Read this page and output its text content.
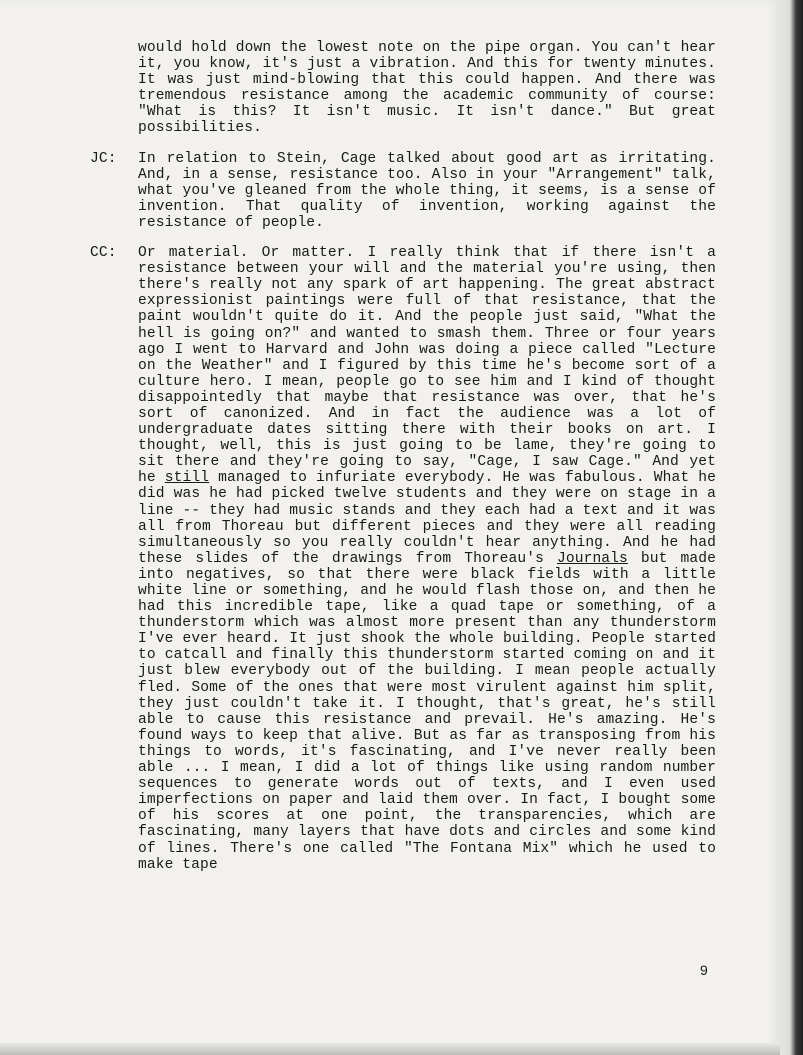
would hold down the lowest note on the pipe organ. You can't hear it, you know, it's just a vibration. And this for twenty minutes. It was just mind-blowing that this could happen. And there was tremendous resistance among the academic community of course: "What is this? It isn't music. It isn't dance." But great possibilities.
JC: In relation to Stein, Cage talked about good art as irritating. And, in a sense, resistance too. Also in your "Arrangement" talk, what you've gleaned from the whole thing, it seems, is a sense of invention. That quality of invention, working against the resistance of people.
CC: Or material. Or matter. I really think that if there isn't a resistance between your will and the material you're using, then there's really not any spark of art happening. The great abstract expressionist paintings were full of that resistance, that the paint wouldn't quite do it. And the people just said, "What the hell is going on?" and wanted to smash them. Three or four years ago I went to Harvard and John was doing a piece called "Lecture on the Weather" and I figured by this time he's become sort of a culture hero. I mean, people go to see him and I kind of thought disappointedly that maybe that resistance was over, that he's sort of canonized. And in fact the audience was a lot of undergraduate dates sitting there with their books on art. I thought, well, this is just going to be lame, they're going to sit there and they're going to say, "Cage, I saw Cage." And yet he still managed to infuriate everybody. He was fabulous. What he did was he had picked twelve students and they were on stage in a line -- they had music stands and they each had a text and it was all from Thoreau but different pieces and they were all reading simultaneously so you really couldn't hear anything. And he had these slides of the drawings from Thoreau's Journals but made into negatives, so that there were black fields with a little white line or something, and he would flash those on, and then he had this incredible tape, like a quad tape or something, of a thunderstorm which was almost more present than any thunderstorm I've ever heard. It just shook the whole building. People started to catcall and finally this thunderstorm started coming on and it just blew everybody out of the building. I mean people actually fled. Some of the ones that were most virulent against him split, they just couldn't take it. I thought, that's great, he's still able to cause this resistance and prevail. He's amazing. He's found ways to keep that alive. But as far as transposing from his things to words, it's fascinating, and I've never really been able ... I mean, I did a lot of things like using random number sequences to generate words out of texts, and I even used imperfections on paper and laid them over. In fact, I bought some of his scores at one point, the transparencies, which are fascinating, many layers that have dots and circles and some kind of lines. There's one called "The Fontana Mix" which he used to make tape
9
